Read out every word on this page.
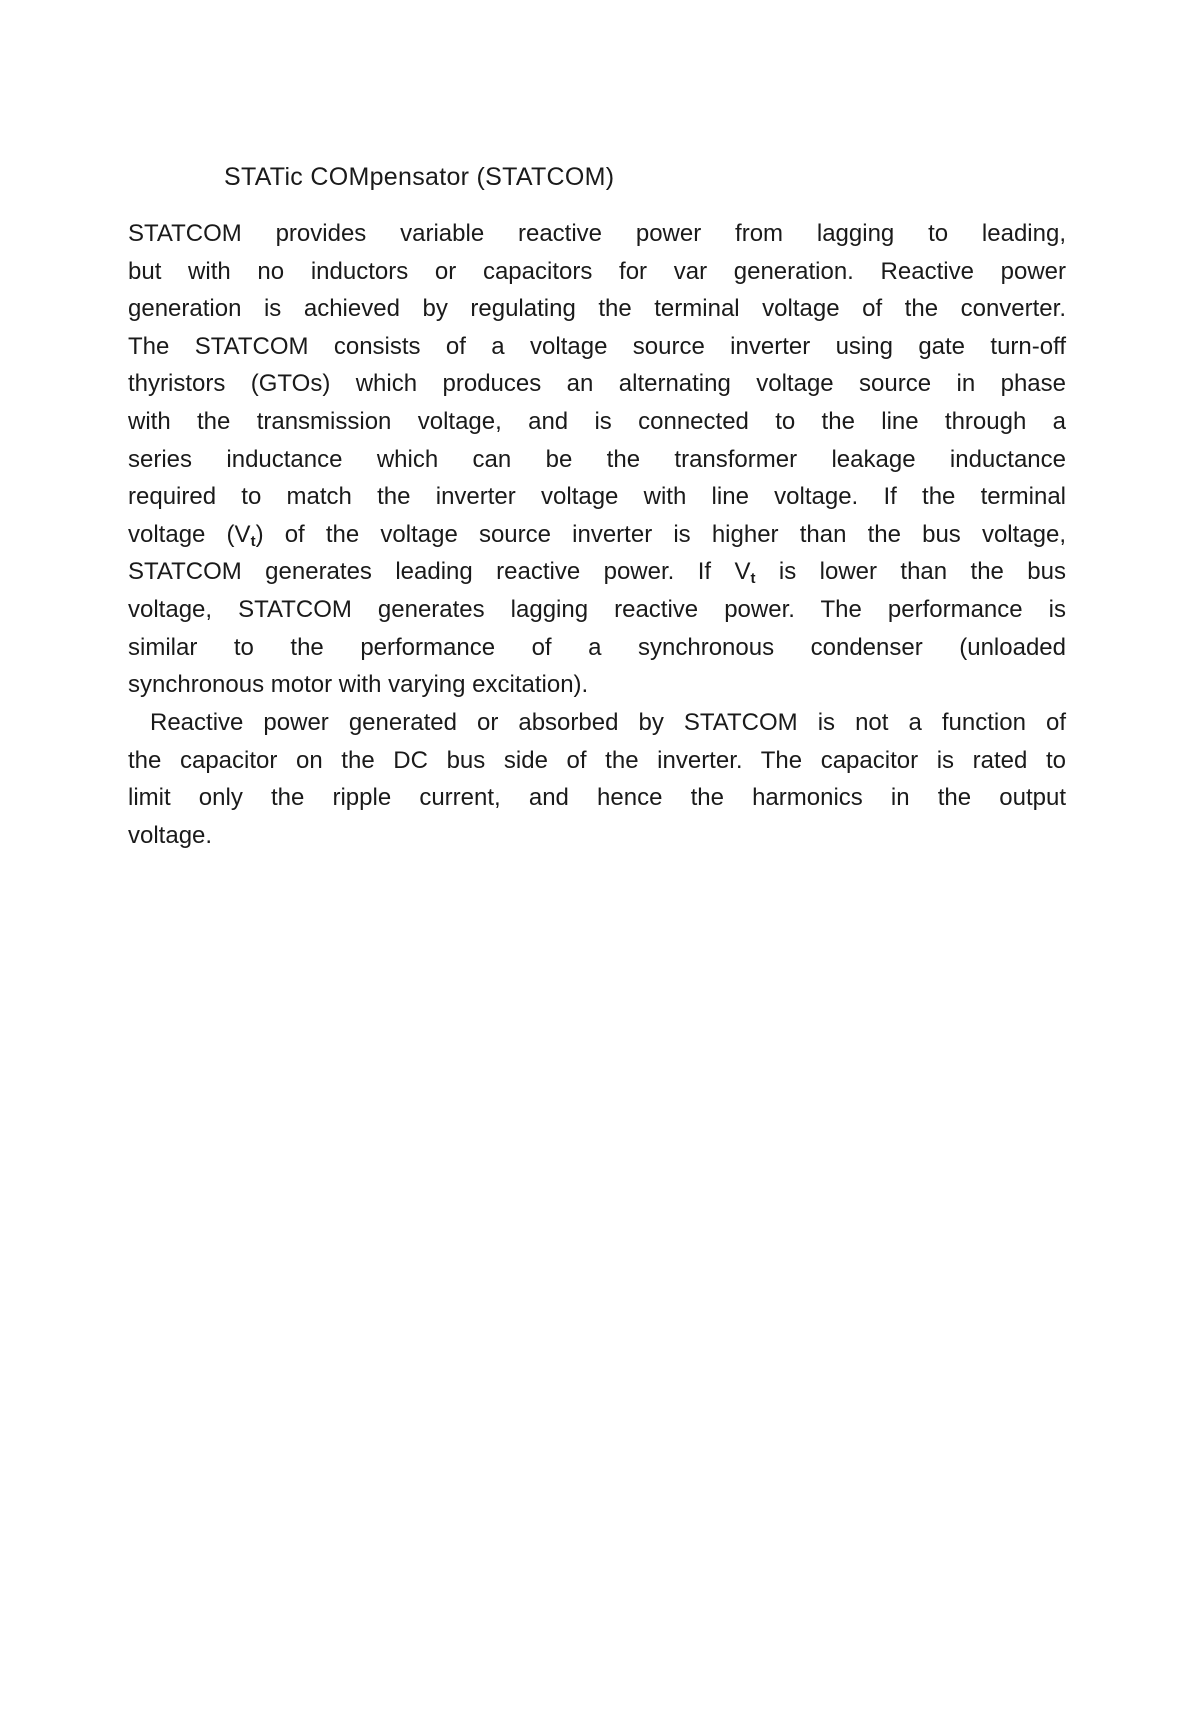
STATic COMpensator (STATCOM)
STATCOM provides variable reactive power from lagging to leading,
but with no inductors or capacitors for var generation. Reactive power
generation is achieved by regulating the terminal voltage of the converter.
The STATCOM consists of a voltage source inverter using gate turn-off
thyristors (GTOs) which produces an alternating voltage source in phase
with the transmission voltage, and is connected to the line through a
series inductance which can be the transformer leakage inductance
required to match the inverter voltage with line voltage. If the terminal
voltage $(V_t)$ of the voltage source inverter is higher than the bus voltage,
STATCOM generates leading reactive power. If $V_t$ is lower than the bus
voltage, STATCOM generates lagging reactive power. The performance is
similar to the performance of a synchronous condenser (unloaded
synchronous motor with varying excitation).
Reactive power generated or absorbed by STATCOM is not a function of
the capacitor on the DC bus side of the inverter. The capacitor is rated to
limit only the ripple current, and hence the harmonics in the output
voltage.
